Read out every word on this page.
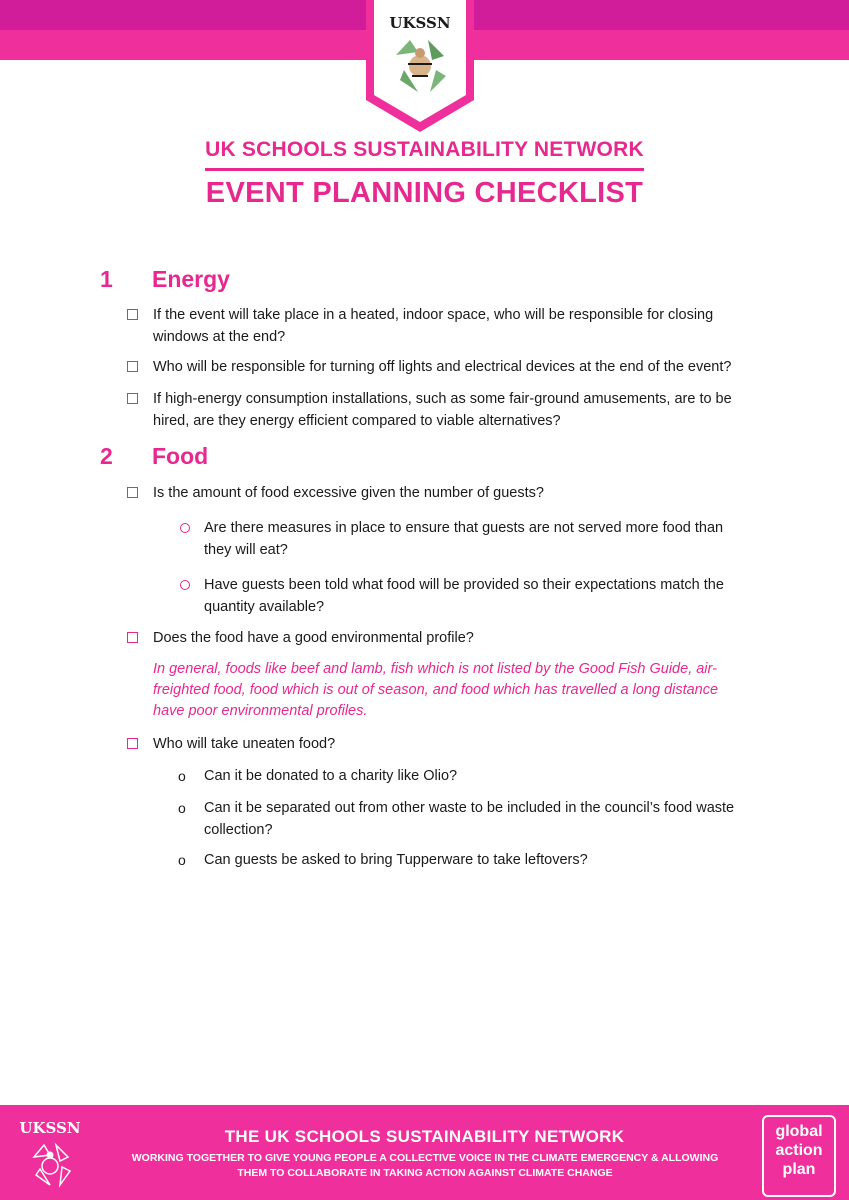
UKSSN
UK SCHOOLS SUSTAINABILITY NETWORK
EVENT PLANNING CHECKLIST
1 Energy
If the event will take place in a heated, indoor space, who will be responsible for closing windows at the end?
Who will be responsible for turning off lights and electrical devices at the end of the event?
If high-energy consumption installations, such as some fair-ground amusements, are to be hired, are they energy efficient compared to viable alternatives?
2 Food
Is the amount of food excessive given the number of guests?
Are there measures in place to ensure that guests are not served more food than they will eat?
Have guests been told what food will be provided so their expectations match the quantity available?
Does the food have a good environmental profile?
In general, foods like beef and lamb, fish which is not listed by the Good Fish Guide, air-freighted food, food which is out of season, and food which has travelled a long distance have poor environmental profiles.
Who will take uneaten food?
o Can it be donated to a charity like Olio?
o Can it be separated out from other waste to be included in the council’s food waste collection?
o Can guests be asked to bring Tupperware to take leftovers?
UKSSN	THE UK SCHOOLS SUSTAINABILITY NETWORK
WORKING TOGETHER TO GIVE YOUNG PEOPLE A COLLECTIVE VOICE IN THE CLIMATE EMERGENCY & ALLOWING THEM TO COLLABORATE IN TAKING ACTION AGAINST CLIMATE CHANGE
global
action
plan
